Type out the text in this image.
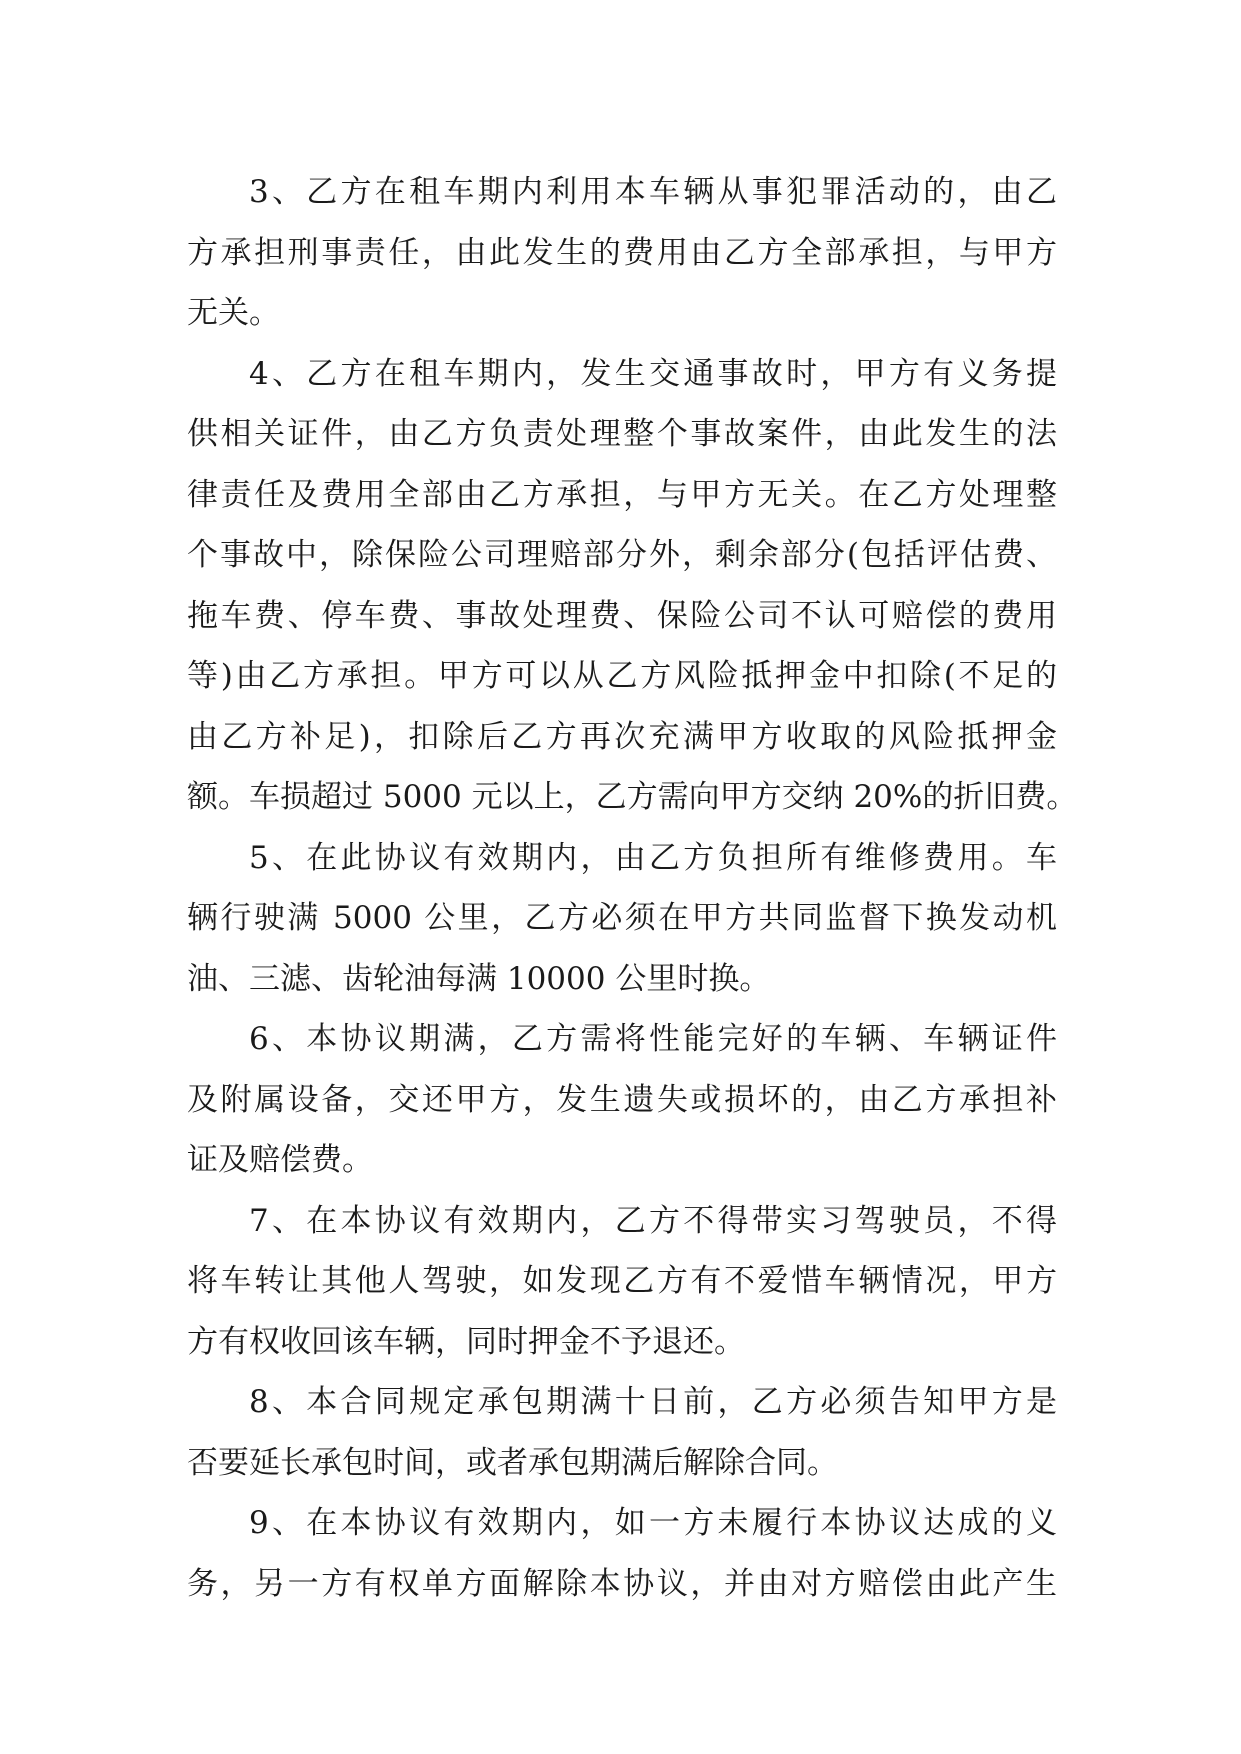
3、乙方在租车期内利用本车辆从事犯罪活动的，由乙
方承担刑事责任，由此发生的费用由乙方全部承担，与甲方
无关。
4、乙方在租车期内，发生交通事故时，甲方有义务提
供相关证件，由乙方负责处理整个事故案件，由此发生的法
律责任及费用全部由乙方承担，与甲方无关。在乙方处理整
个事故中，除保险公司理赔部分外，剩余部分(包括评估费、
拖车费、停车费、事故处理费、保险公司不认可赔偿的费用
等)由乙方承担。甲方可以从乙方风险抵押金中扣除(不足的
由乙方补足)，扣除后乙方再次充满甲方收取的风险抵押金
额。车损超过 5000 元以上，乙方需向甲方交纳 20%的折旧费。
5、在此协议有效期内，由乙方负担所有维修费用。车
辆行驶满 5000 公里，乙方必须在甲方共同监督下换发动机
油、三滤、齿轮油每满 10000 公里时换。
6、本协议期满，乙方需将性能完好的车辆、车辆证件
及附属设备，交还甲方，发生遗失或损坏的，由乙方承担补
证及赔偿费。
7、在本协议有效期内，乙方不得带实习驾驶员，不得
将车转让其他人驾驶，如发现乙方有不爱惜车辆情况，甲方
方有权收回该车辆，同时押金不予退还。
8、本合同规定承包期满十日前，乙方必须告知甲方是
否要延长承包时间，或者承包期满后解除合同。
9、在本协议有效期内，如一方未履行本协议达成的义
务，另一方有权单方面解除本协议，并由对方赔偿由此产生
